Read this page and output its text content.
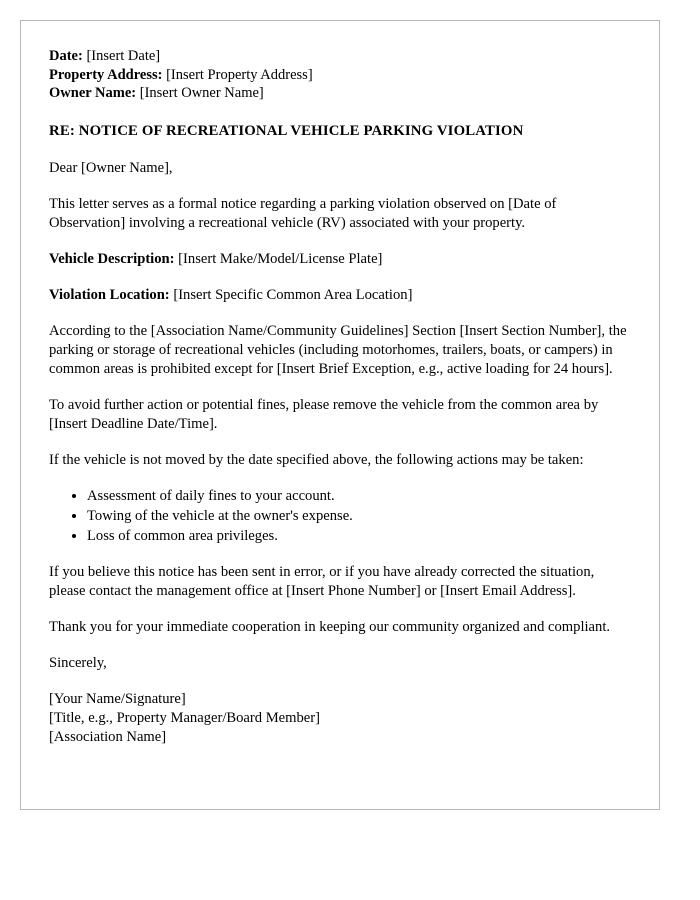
Date: [Insert Date]

Property Address: [Insert Property Address]

Owner Name: [Insert Owner Name]

RE: NOTICE OF RECREATIONAL VEHICLE PARKING VIOLATION

Dear [Owner Name],

This letter serves as a formal notice regarding a parking violation observed on [Date of Observation] involving a recreational vehicle (RV) associated with your property.

Vehicle Description: [Insert Make/Model/License Plate]

Violation Location: [Insert Specific Common Area Location]

According to the [Association Name/Community Guidelines] Section [Insert Section Number], the parking or storage of recreational vehicles (including motorhomes, trailers, boats, or campers) in common areas is prohibited except for [Insert Brief Exception, e.g., active loading for 24 hours].

To avoid further action or potential fines, please remove the vehicle from the common area by [Insert Deadline Date/Time].

If the vehicle is not moved by the date specified above, the following actions may be taken:

• Assessment of daily fines to your account.
• Towing of the vehicle at the owner's expense.
• Loss of common area privileges.

If you believe this notice has been sent in error, or if you have already corrected the situation, please contact the management office at [Insert Phone Number] or [Insert Email Address].

Thank you for your immediate cooperation in keeping our community organized and compliant.

Sincerely,
[Your Name/Signature]
[Title, e.g., Property Manager/Board Member]
[Association Name]
